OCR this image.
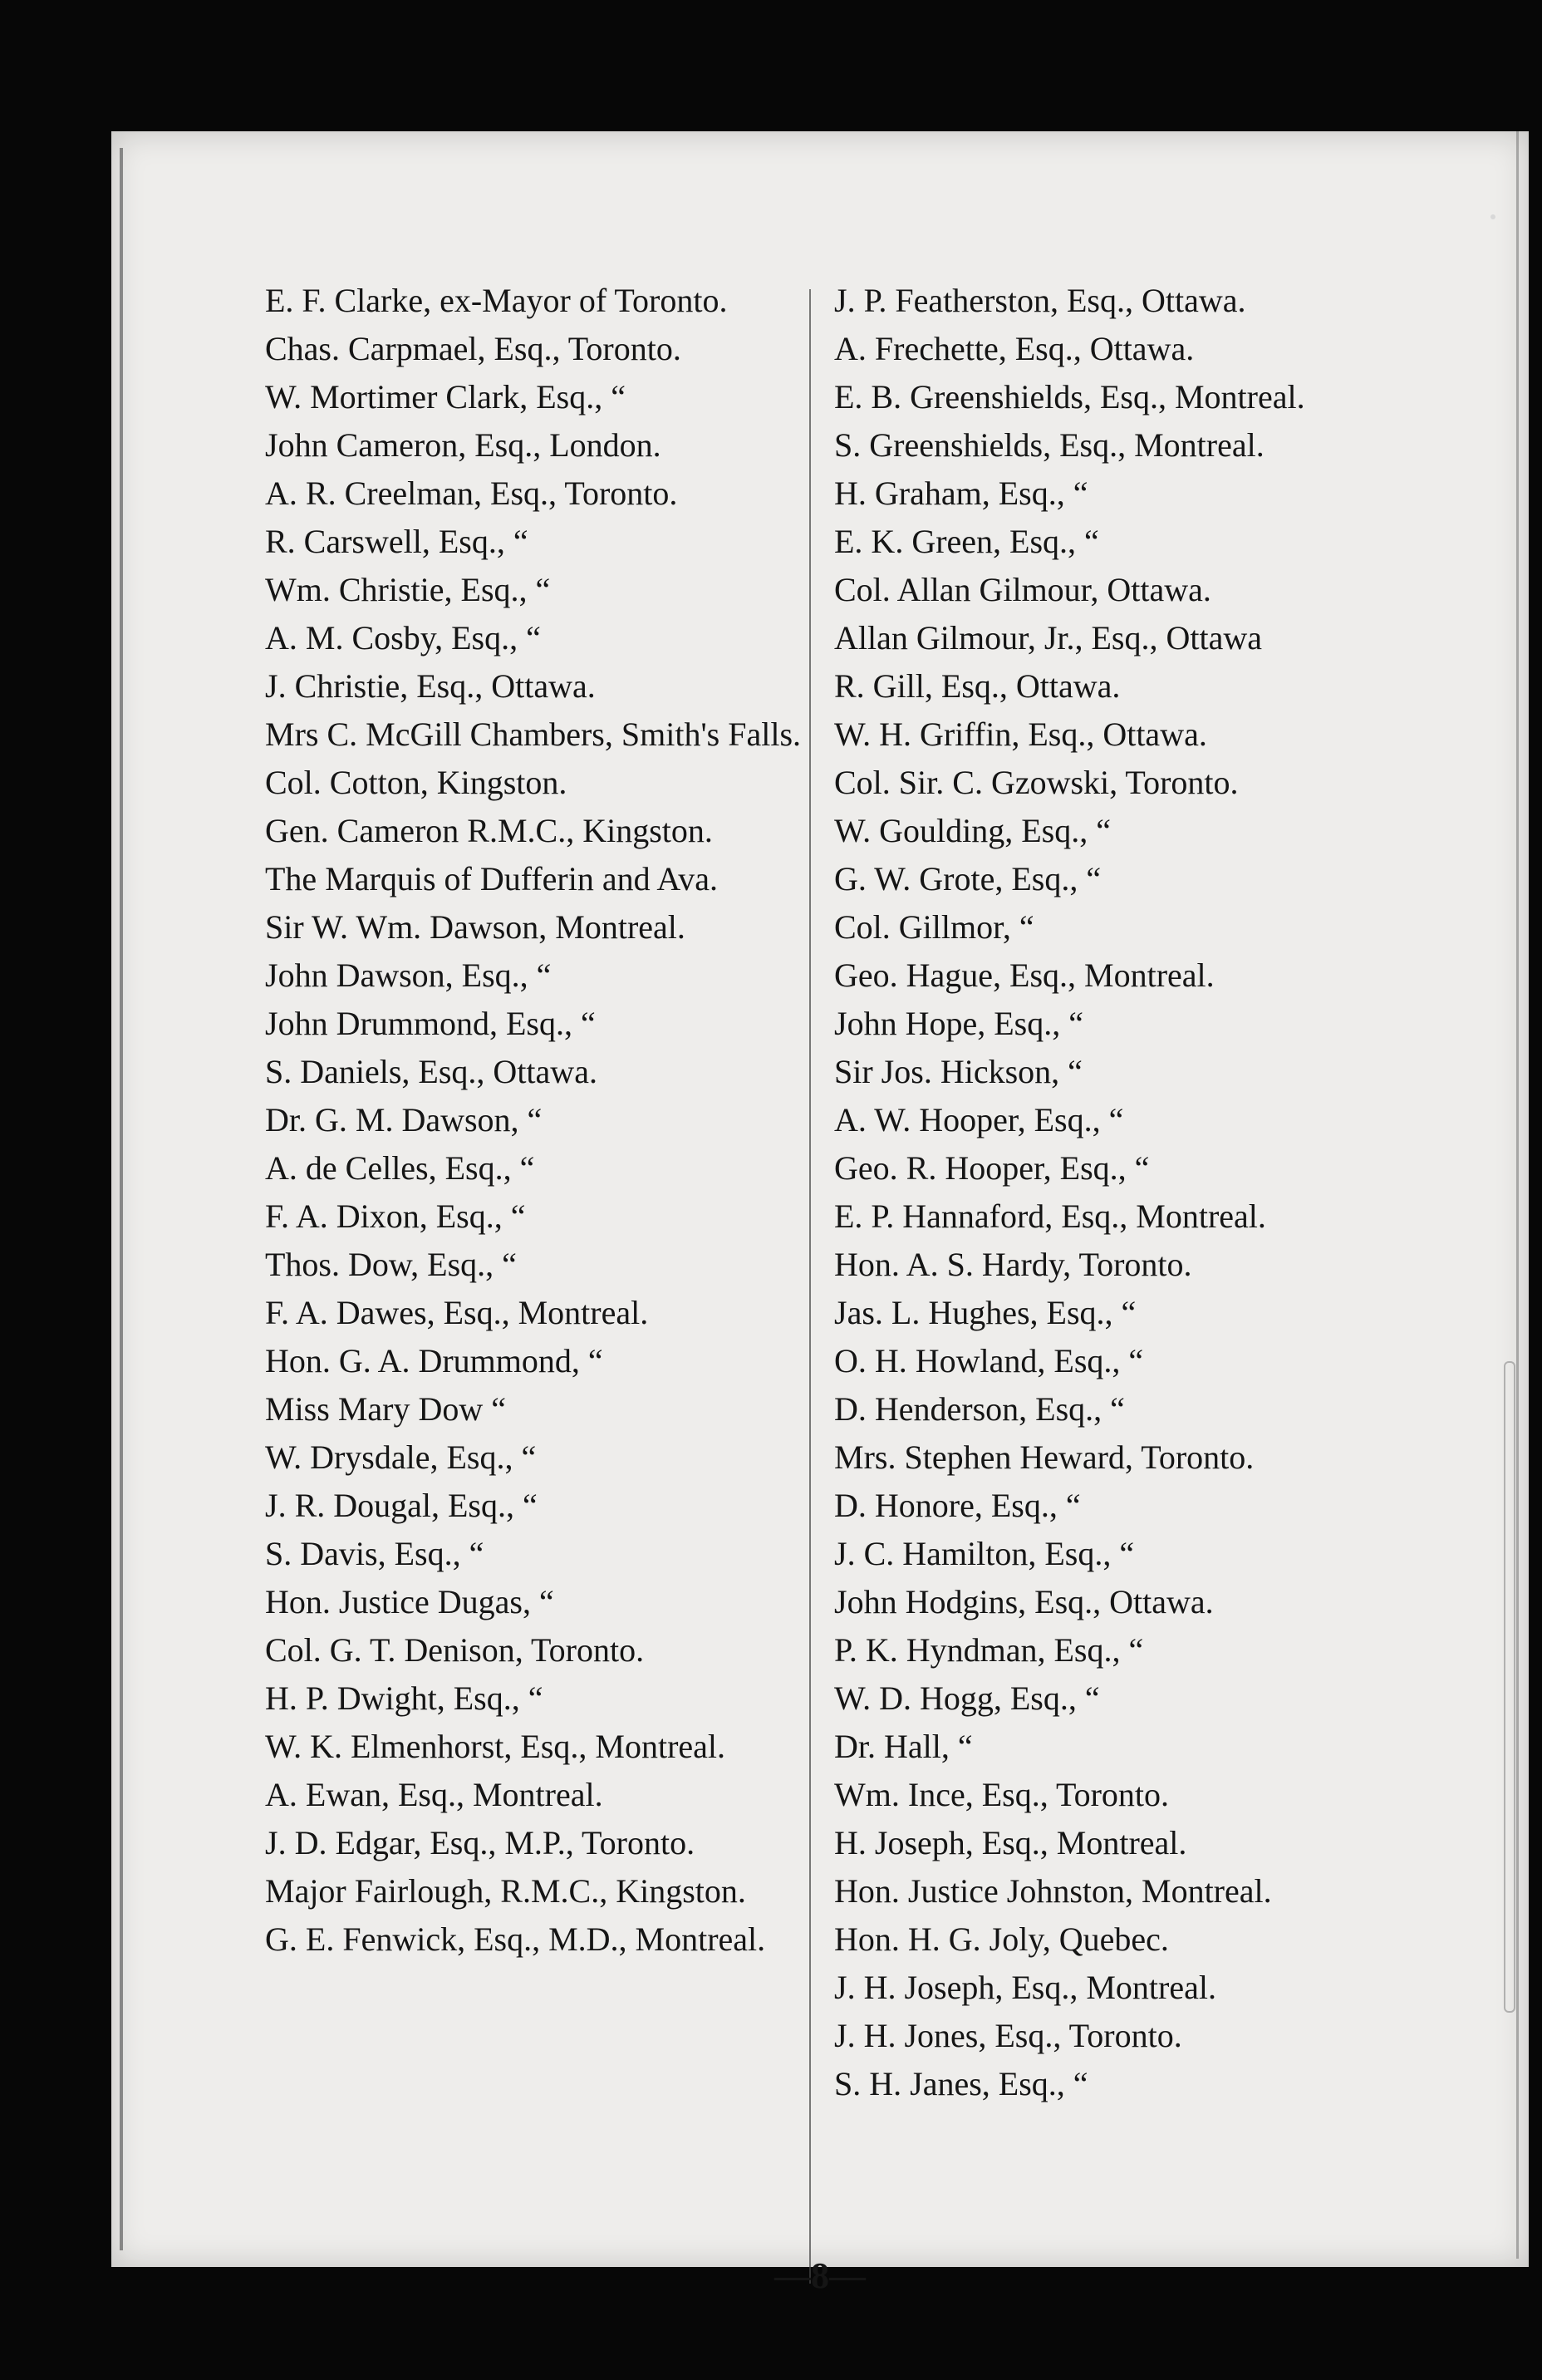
E. F. Clarke, ex-Mayor of Toronto.

Chas. Carpmael, Esq., Toronto.

W. Mortimer Clark, Esq., “

John Cameron, Esq., London.

A. R. Creelman, Esq., Toronto.

R. Carswell, Esq., “

Wm. Christie, Esq., “

A. M. Cosby, Esq., “

J. Christie, Esq., Ottawa.

Mrs C. McGill Chambers, Smith's Falls.

Col. Cotton, Kingston.

Gen. Cameron R.M.C., Kingston.

The Marquis of Dufferin and Ava.

Sir W. Wm. Dawson, Montreal.

John Dawson, Esq., “

John Drummond, Esq., “

S. Daniels, Esq., Ottawa.

Dr. G. M. Dawson, “

A. de Celles, Esq., “

F. A. Dixon, Esq., “

Thos. Dow, Esq., “

F. A. Dawes, Esq., Montreal.

Hon. G. A. Drummond, “

Miss Mary Dow “

W. Drysdale, Esq., “

J. R. Dougal, Esq., “

S. Davis, Esq., “

Hon. Justice Dugas, “

Col. G. T. Denison, Toronto.

H. P. Dwight, Esq., “

W. K. Elmenhorst, Esq., Montreal.

A. Ewan, Esq., Montreal.

J. D. Edgar, Esq., M.P., Toronto.

Major Fairlough, R.M.C., Kingston.

G. E. Fenwick, Esq., M.D., Montreal.

J. P. Featherston, Esq., Ottawa.

A. Frechette, Esq., Ottawa.

E. B. Greenshields, Esq., Montreal.

S. Greenshields, Esq., Montreal.

H. Graham, Esq., “

E. K. Green, Esq., “

Col. Allan Gilmour, Ottawa.

Allan Gilmour, Jr., Esq., Ottawa

R. Gill, Esq., Ottawa.

W. H. Griffin, Esq., Ottawa.

Col. Sir. C. Gzowski, Toronto.

W. Goulding, Esq., “

G. W. Grote, Esq., “

Col. Gillmor, “

Geo. Hague, Esq., Montreal.

John Hope, Esq., “

Sir Jos. Hickson, “

A. W. Hooper, Esq., “

Geo. R. Hooper, Esq., “

E. P. Hannaford, Esq., Montreal.

Hon. A. S. Hardy, Toronto.

Jas. L. Hughes, Esq., “

O. H. Howland, Esq., “

D. Henderson, Esq., “

Mrs. Stephen Heward, Toronto.

D. Honore, Esq., “

J. C. Hamilton, Esq., “

John Hodgins, Esq., Ottawa.

P. K. Hyndman, Esq., “

W. D. Hogg, Esq., “

Dr. Hall, “

Wm. Ince, Esq., Toronto.

H. Joseph, Esq., Montreal.

Hon. Justice Johnston, Montreal.

Hon. H. G. Joly, Quebec.

J. H. Joseph, Esq., Montreal.

J. H. Jones, Esq., Toronto.

S. H. Janes, Esq., “

—8—
